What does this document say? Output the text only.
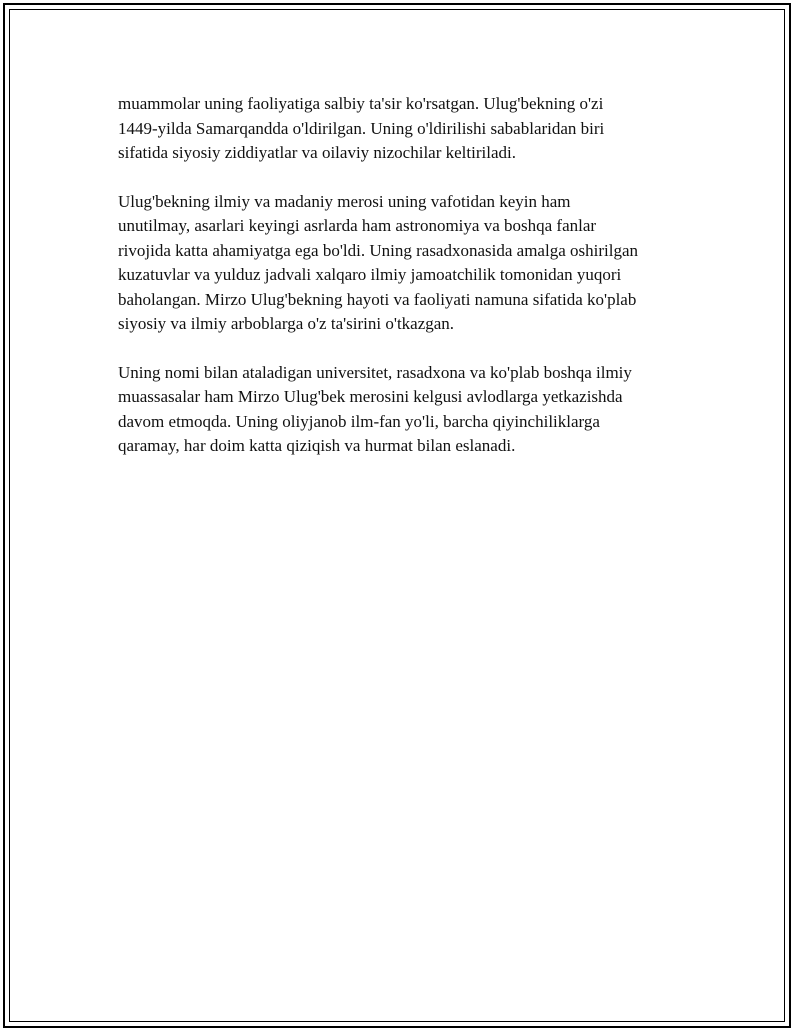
muammolar uning faoliyatiga salbiy ta'sir ko'rsatgan. Ulug'bekning o'zi
1449-yilda Samarqandda o'ldirilgan. Uning o'ldirilishi sabablaridan biri
sifatida siyosiy ziddiyatlar va oilaviy nizochilar keltiriladi.

Ulug'bekning ilmiy va madaniy merosi uning vafotidan keyin ham
unutilmay, asarlari keyingi asrlarda ham astronomiya va boshqa fanlar
rivojida katta ahamiyatga ega bo'ldi. Uning rasadxonasida amalga oshirilgan
kuzatuvlar va yulduz jadvali xalqaro ilmiy jamoatchilik tomonidan yuqori
baholangan. Mirzo Ulug'bekning hayoti va faoliyati namuna sifatida ko'plab
siyosiy va ilmiy arboblarga o'z ta'sirini o'tkazgan.

Uning nomi bilan ataladigan universitet, rasadxona va ko'plab boshqa ilmiy
muassasalar ham Mirzo Ulug'bek merosini kelgusi avlodlarga yetkazishda
davom etmoqda. Uning oliyjanob ilm-fan yo'li, barcha qiyinchiliklarga
qaramay, har doim katta qiziqish va hurmat bilan eslanadi.
